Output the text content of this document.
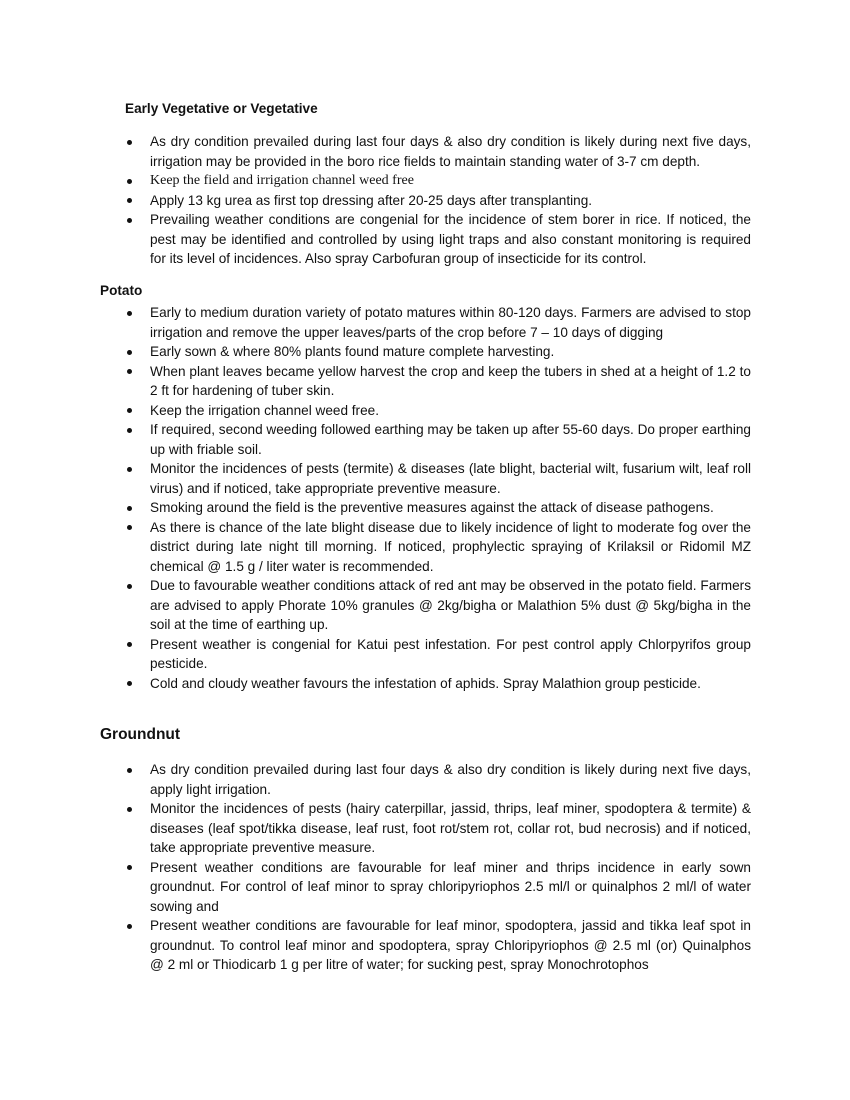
Early Vegetative or Vegetative

As dry condition prevailed during last four days & also dry condition is likely during next five days, irrigation may be provided in the boro rice fields to maintain standing water of 3-7 cm depth.
Keep the field and irrigation channel weed free
Apply 13 kg urea as first top dressing after 20-25 days after transplanting.
Prevailing weather conditions are congenial for the incidence of stem borer in rice. If noticed, the pest may be identified and controlled by using light traps and also constant monitoring is required for its level of incidences. Also spray Carbofuran group of insecticide for its control.

Potato

Early to medium duration variety of potato matures within 80-120 days. Farmers are advised to stop irrigation and remove the upper leaves/parts of the crop before 7 – 10 days of digging
Early sown & where 80% plants found mature complete harvesting.
When plant leaves became yellow harvest the crop and keep the tubers in shed at a height of 1.2 to 2 ft for hardening of tuber skin.
Keep the irrigation channel weed free.
If required, second weeding followed earthing may be taken up after 55-60 days. Do proper earthing up with friable soil.
Monitor the incidences of pests (termite) & diseases (late blight, bacterial wilt, fusarium wilt, leaf roll virus) and if noticed, take appropriate preventive measure.
Smoking around the field is the preventive measures against the attack of disease pathogens.
As there is chance of the late blight disease due to likely incidence of light to moderate fog over the district during late night till morning. If noticed, prophylectic spraying of Krilaksil or Ridomil MZ chemical @ 1.5 g / liter water is recommended.
Due to favourable weather conditions attack of red ant may be observed in the potato field. Farmers are advised to apply Phorate 10% granules @ 2kg/bigha or Malathion 5% dust @ 5kg/bigha in the soil at the time of earthing up.
Present weather is congenial for Katui pest infestation. For pest control apply Chlorpyrifos group pesticide.
Cold and cloudy weather favours the infestation of aphids. Spray Malathion group pesticide.

Groundnut

As dry condition prevailed during last four days & also dry condition is likely during next five days, apply light irrigation.
Monitor the incidences of pests (hairy caterpillar, jassid, thrips, leaf miner, spodoptera & termite) & diseases (leaf spot/tikka disease, leaf rust, foot rot/stem rot, collar rot, bud necrosis) and if noticed, take appropriate preventive measure.
Present weather conditions are favourable for leaf miner and thrips incidence in early sown groundnut. For control of leaf minor to spray chloripyriophos 2.5 ml/l or quinalphos 2 ml/l of water sowing and
Present weather conditions are favourable for leaf minor, spodoptera, jassid and tikka leaf spot in groundnut. To control leaf minor and spodoptera, spray Chloripyriophos @ 2.5 ml (or) Quinalphos @ 2 ml or Thiodicarb 1 g per litre of water; for sucking pest, spray Monochrotophos
